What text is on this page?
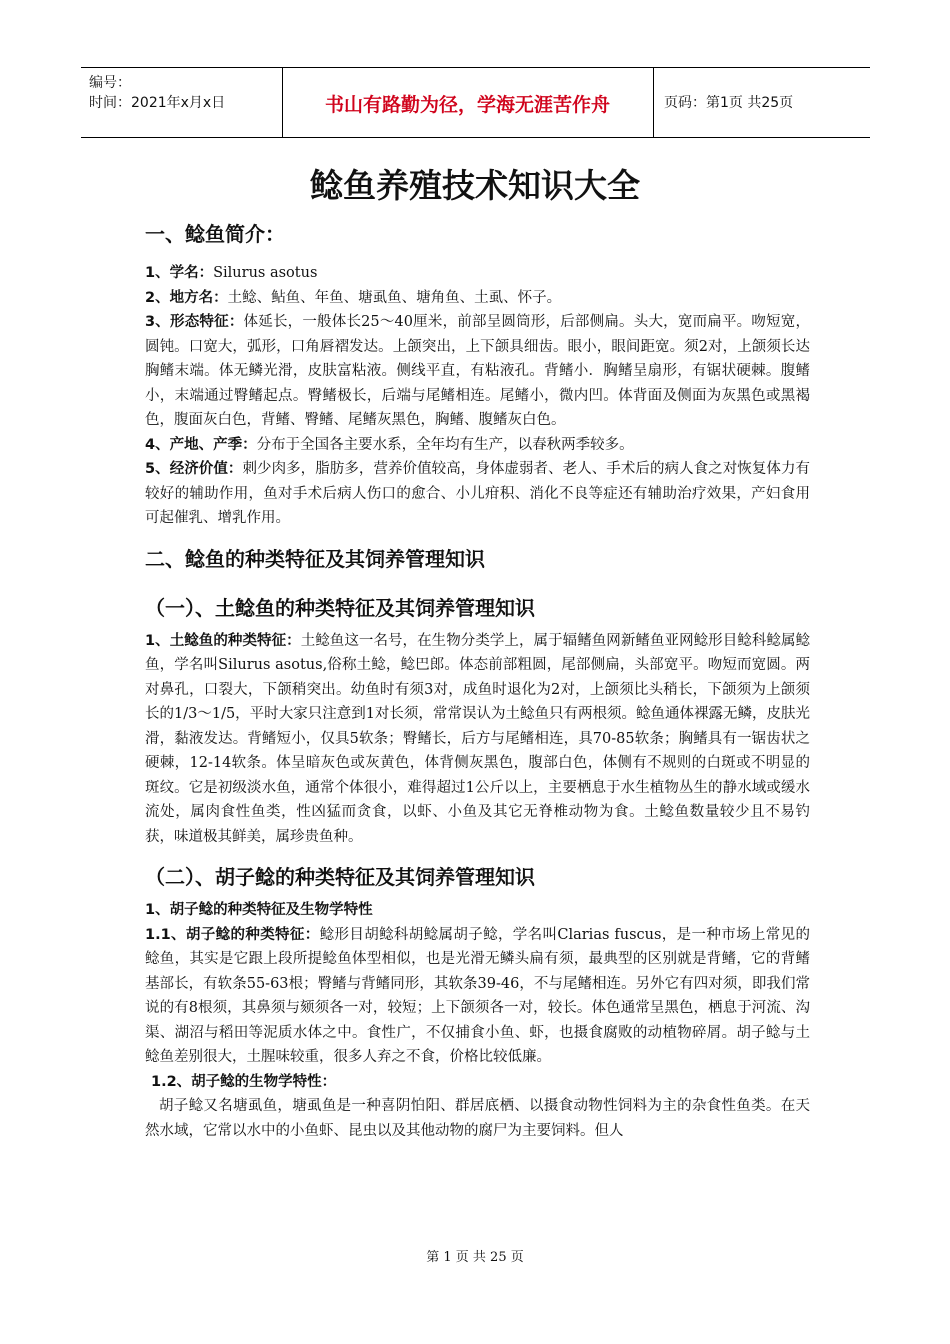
编号：
时间：2021年x月x日	书山有路勤为径，学海无涯苦作舟	页码：第1页 共25页
鲶鱼养殖技术知识大全
一、鲶鱼简介：

1、学名：Silurus asotus

2、地方名：土鲶、鲇鱼、年鱼、塘虱鱼、塘角鱼、土虱、怀子。

3、形态特征：体延长，一般体长25～40厘米，前部呈圆筒形，后部侧扁。头大，宽而扁平。吻短宽，圆钝。口宽大，弧形，口角唇褶发达。上颌突出，上下颌具细齿。眼小，眼间距宽。须2对，上颌须长达胸鳍末端。体无鳞光滑，皮肤富粘液。侧线平直，有粘液孔。背鳍小．胸鳍呈扇形，有锯状硬棘。腹鳍小，末端通过臀鳍起点。臀鳍极长，后端与尾鳍相连。尾鳍小，微内凹。体背面及侧面为灰黑色或黑褐色，腹面灰白色，背鳍、臀鳍、尾鳍灰黑色，胸鳍、腹鳍灰白色。

4、产地、产季：分布于全国各主要水系，全年均有生产，以春秋两季较多。

5、经济价值：刺少肉多，脂肪多，营养价值较高，身体虚弱者、老人、手术后的病人食之对恢复体力有较好的辅助作用，鱼对手术后病人伤口的愈合、小儿疳积、消化不良等症还有辅助治疗效果，产妇食用可起催乳、增乳作用。

二、鲶鱼的种类特征及其饲养管理知识
（一）、土鲶鱼的种类特征及其饲养管理知识

1、土鲶鱼的种类特征：土鲶鱼这一名号，在生物分类学上，属于辐鳍鱼网新鳍鱼亚网鲶形目鲶科鲶属鲶鱼，学名叫Silurus asotus,俗称土鲶，鲶巴郎。体态前部粗圆，尾部侧扁，头部宽平。吻短而宽圆。两对鼻孔，口裂大，下颌稍突出。幼鱼时有须3对，成鱼时退化为2对，上颌须比头稍长，下颌须为上颌须长的1/3～1/5，平时大家只注意到1对长须，常常误认为土鲶鱼只有两根须。鲶鱼通体裸露无鳞，皮肤光滑，黏液发达。背鳍短小，仅具5软条；臀鳍长，后方与尾鳍相连，具70-85软条；胸鳍具有一锯齿状之硬棘，12-14软条。体呈暗灰色或灰黄色，体背侧灰黑色，腹部白色，体侧有不规则的白斑或不明显的斑纹。它是初级淡水鱼，通常个体很小，难得超过1公斤以上，主要栖息于水生植物丛生的静水域或缓水流处，属肉食性鱼类，性凶猛而贪食，以虾、小鱼及其它无脊椎动物为食。土鲶鱼数量较少且不易钓获，味道极其鲜美，属珍贵鱼种。

（二）、胡子鲶的种类特征及其饲养管理知识

1、胡子鲶的种类特征及生物学特性

1.1、胡子鲶的种类特征：鲶形目胡鲶科胡鲶属胡子鲶，学名叫Clarias fuscus，是一种市场上常见的鲶鱼，其实是它跟上段所提鲶鱼体型相似，也是光滑无鳞头扁有须，最典型的区别就是背鳍，它的背鳍基部长，有软条55-63根；臀鳍与背鳍同形，其软条39-46，不与尾鳍相连。另外它有四对须，即我们常说的有8根须，其鼻须与颏须各一对，较短；上下颌须各一对，较长。体色通常呈黑色，栖息于河流、沟渠、湖沼与稻田等泥质水体之中。食性广，不仅捕食小鱼、虾，也摄食腐败的动植物碎屑。胡子鲶与土鲶鱼差别很大，土腥味较重，很多人弃之不食，价格比较低廉。

1.2、胡子鲶的生物学特性：

胡子鲶又名塘虱鱼，塘虱鱼是一种喜阴怕阳、群居底栖、以摄食动物性饲料为主的杂食性鱼类。在天然水域，它常以水中的小鱼虾、昆虫以及其他动物的腐尸为主要饲料。但人

第 1 页 共 25 页
